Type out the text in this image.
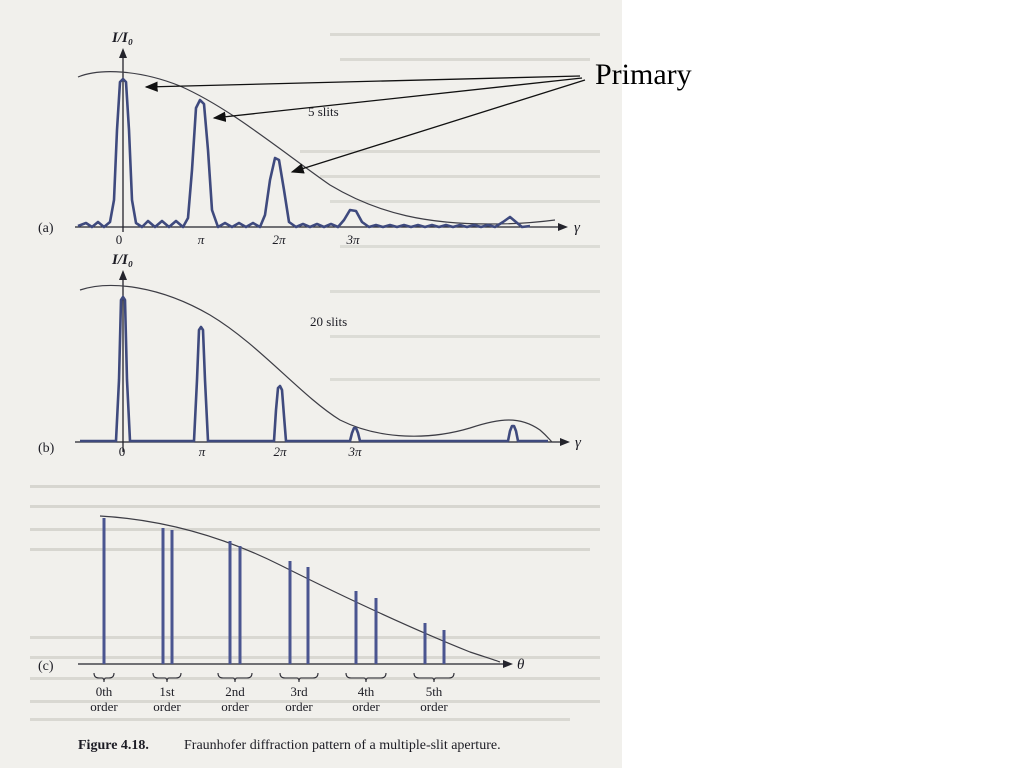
(a)
I/I₀
γ
5 slits
0	π	2π	3π
(b)
I/I₀
γ
20 slits
0	π	2π	3π
(c)	θ
0th
order
1st
order
2nd
order
3rd
order
4th
order
5th
order
Figure 4.18.	Fraunhofer diffraction pattern of a multiple-slit aperture.
Primary
